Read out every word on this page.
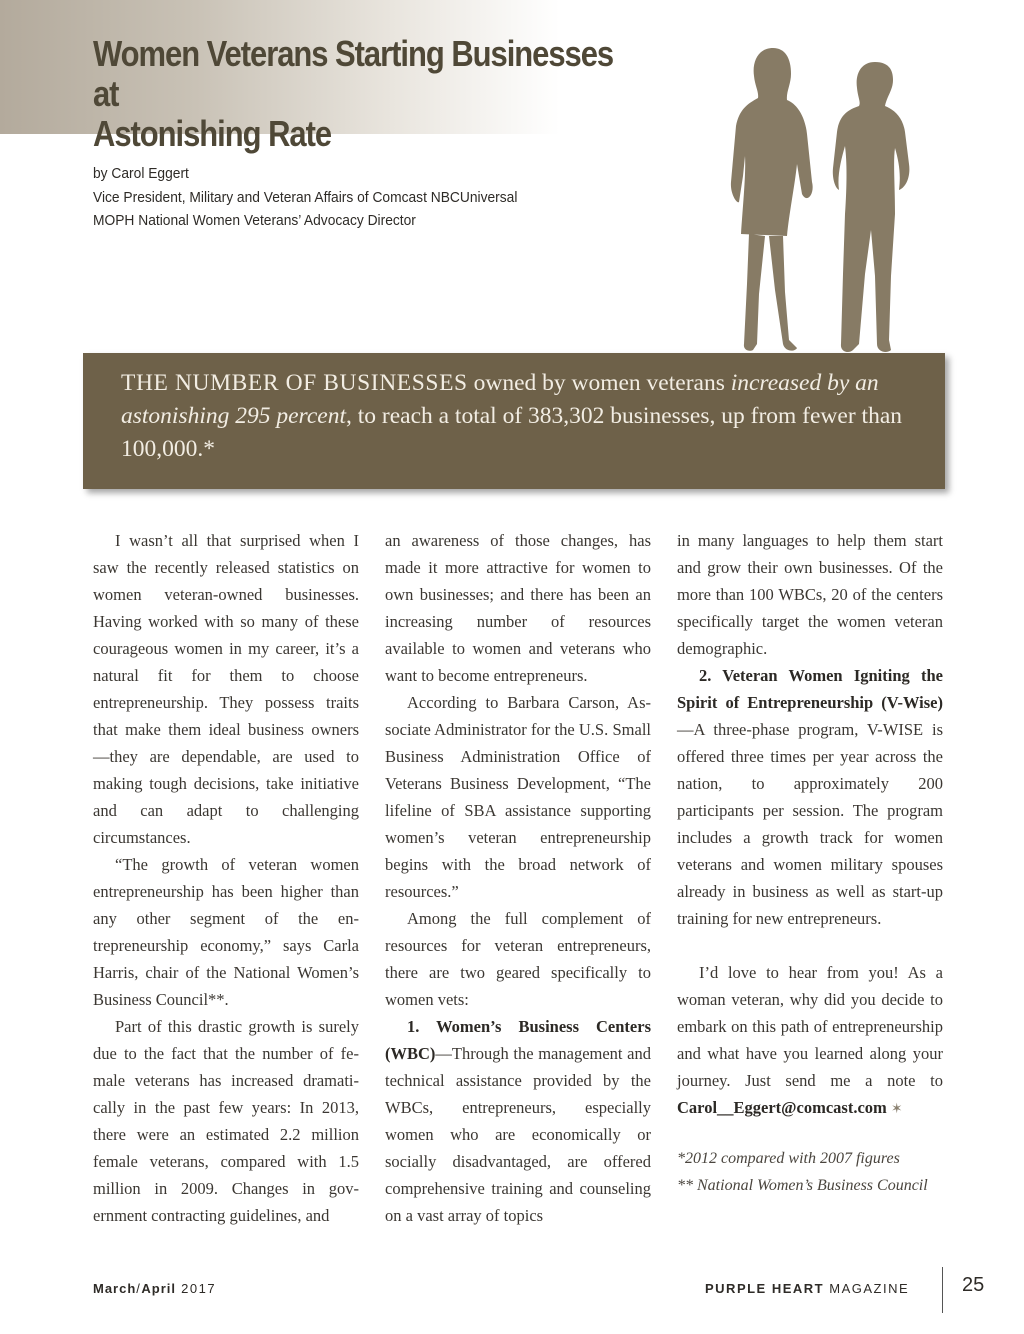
Women Veterans Starting Businesses at
Astonishing Rate
by Carol Eggert
Vice President, Military and Veteran Affairs of Comcast NBCUniversal
MOPH National Women Veterans’ Advocacy Director
THE NUMBER OF BUSINESSES owned by women veterans increased by an astonishing 295 percent, to reach a total of 383,302 businesses, up from fewer than 100,000.*

I wasn’t all that surprised when I saw the recently released statistics on women veteran-owned businesses. Having worked with so many of these courageous women in my career, it’s a natural fit for them to choose entrepreneurship. They possess traits that make them ideal business owners—they are dependable, are used to making tough decisions, take initiative and can adapt to challenging circumstances.

“The growth of veteran women entrepreneurship has been higher than any other segment of the entrepreneurship economy,” says Carla Harris, chair of the National Women’s Business Council**.

Part of this drastic growth is surely due to the fact that the number of female veterans has increased dramatically in the past few years: In 2013, there were an estimated 2.2 million female veterans, compared with 1.5 million in 2009. Changes in government contracting guidelines, and

an awareness of those changes, has made it more attractive for women to own businesses; and there has been an increasing number of resources available to women and veterans who want to become entrepreneurs.

According to Barbara Carson, Associate Administrator for the U.S. Small Business Administration Office of Veterans Business Development, “The lifeline of SBA assistance supporting women’s veteran entrepreneurship begins with the broad network of resources.”

Among the full complement of resources for veteran entrepreneurs, there are two geared specifically to women vets:

1. Women’s Business Centers (WBC)—Through the management and technical assistance provided by the WBCs, entrepreneurs, especially women who are economically or socially disadvantaged, are offered comprehensive training and counseling on a vast array of topics

in many languages to help them start and grow their own businesses. Of the more than 100 WBCs, 20 of the centers specifically target the women veteran demographic.

2. Veteran Women Igniting the Spirit of Entrepreneurship (V-Wise)—A three-phase program, V-WISE is offered three times per year across the nation, to approximately 200 participants per session. The program includes a growth track for women veterans and women military spouses already in business as well as start-up training for new entrepreneurs.

I’d love to hear from you! As a woman veteran, why did you decide to embark on this path of entrepreneurship and what have you learned along your journey. Just send me a note to Carol__Eggert@comcast.com ✶

*2012 compared with 2007 figures
** National Women’s Business Council
March/April 2017	PURPLE HEART MAGAZINE	25
